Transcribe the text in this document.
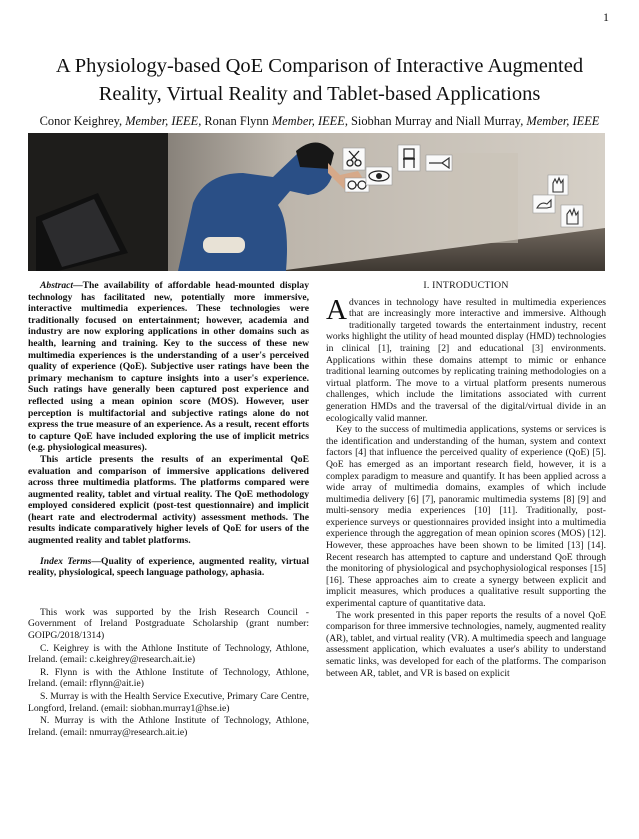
1
A Physiology-based QoE Comparison of Interactive Augmented
Reality, Virtual Reality and Tablet-based Applications

Conor Keighrey, Member, IEEE, Ronan Flynn Member, IEEE, Siobhan Murray and Niall Murray, Member, IEEE

Abstract—The availability of affordable head-mounted display technology has facilitated new, potentially more immersive, interactive multimedia experiences. These technologies were traditionally focused on entertainment; however, academia and industry are now exploring applications in other domains such as health, learning and training. Key to the success of these new multimedia experiences is the understanding of a user's perceived quality of experience (QoE). Subjective user ratings have been the primary mechanism to capture insights into a user's experience. Such ratings have generally been captured post experience and reflected using a mean opinion score (MOS). However, user perception is multifactorial and subjective ratings alone do not express the true measure of an experience. As a result, recent efforts to capture QoE have included exploring the use of implicit metrics (e.g. physiological measures).

This article presents the results of an experimental QoE evaluation and comparison of immersive applications delivered across three multimedia platforms. The platforms compared were augmented reality, tablet and virtual reality. The QoE methodology employed considered explicit (post-test questionnaire) and implicit (heart rate and electrodermal activity) assessment methods. The results indicate comparatively higher levels of QoE for users of the augmented reality and tablet platforms.

Index Terms—Quality of experience, augmented reality, virtual reality, physiological, speech language pathology, aphasia.

This work was supported by the Irish Research Council - Government of Ireland Postgraduate Scholarship (grant number: GOIPG/2018/1314)

C. Keighrey is with the Athlone Institute of Technology, Athlone, Ireland. (email: c.keighrey@research.ait.ie)

R. Flynn is with the Athlone Institute of Technology, Athlone, Ireland. (email: rflynn@ait.ie)

S. Murray is with the Health Service Executive, Primary Care Centre, Longford, Ireland. (email: siobhan.murray1@hse.ie)

N. Murray is with the Athlone Institute of Technology, Athlone, Ireland. (email: nmurray@research.ait.ie)

I. INTRODUCTION

Advances in technology have resulted in multimedia experiences that are increasingly more interactive and immersive. Although traditionally targeted towards the entertainment industry, recent works highlight the utility of head mounted display (HMD) technologies in clinical [1], training [2] and educational [3] environments. Applications within these domains attempt to mimic or enhance traditional learning outcomes by replicating training methodologies on a virtual platform. The move to a virtual platform presents numerous challenges, which include the limitations associated with current generation HMDs and the traversal of the digital/virtual divide in an ecologically valid manner.

Key to the success of multimedia applications, systems or services is the identification and understanding of the human, system and context factors [4] that influence the perceived quality of experience (QoE) [5]. QoE has emerged as an important research field, however, it is a complex paradigm to measure and quantify. It has been applied across a wide array of multimedia domains, examples of which include multimedia delivery [6] [7], panoramic multimedia systems [8] [9] and multi-sensory media experiences [10] [11]. Traditionally, post-experience surveys or questionnaires provided insight into a multimedia experience through the aggregation of mean opinion scores (MOS) [12]. However, these approaches have been shown to be limited [13] [14]. Recent research has attempted to capture and understand QoE through the monitoring of physiological and psychophysiological responses [15] [16]. These approaches aim to create a synergy between explicit and implicit measures, which produces a qualitative result supporting the experimental capture of quantitative data.

The work presented in this paper reports the results of a novel QoE comparison for three immersive technologies, namely, augmented reality (AR), tablet, and virtual reality (VR). A multimedia speech and language assessment application, which evaluates a user's ability to understand sematic links, was developed for each of the platforms. The comparison between AR, tablet, and VR is based on explicit
